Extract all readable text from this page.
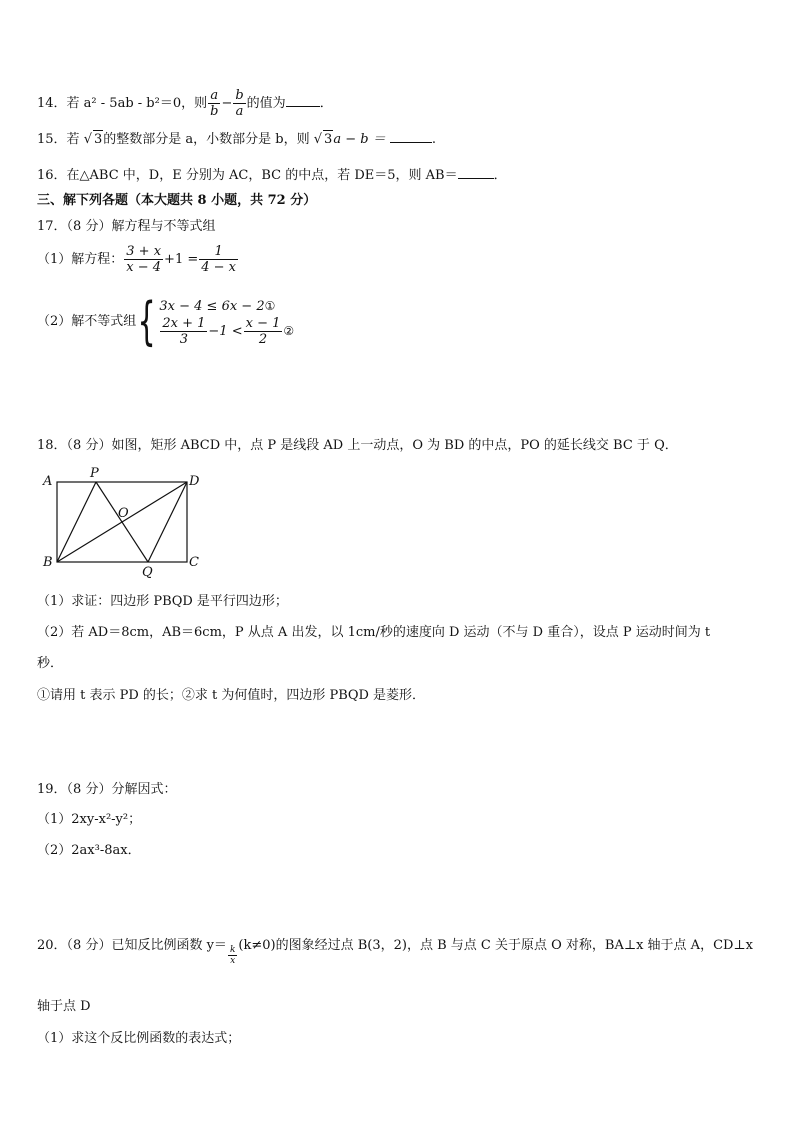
14．若 a² - 5ab - b²＝0，则 $\frac{a}{b} - \frac{b}{a}$ 的值为	．
15．若 √ 3的整数部分是 a，小数部分是 b，则 √ 3a − b ＝	.
16．在△ABC 中，D，E 分别为 AC，BC 的中点，若 DE＝5，则 AB＝	．
三、解下列各题（本大题共 8 小题，共 72 分）
17．（8 分）解方程与不等式组
（1）解方程： $\frac{3 + x}{x - 4} +1 = \frac{1}{4 - x}$
（2）解不等式组{ 3x − 4 ≤ 6x − 2①
$\frac{2x + 1}{3} -1 < \frac{x - 1}{2}$ ②
18．（8 分）如图，矩形 ABCD 中，点 P 是线段 AD 上一动点，O 为 BD 的中点，PO 的延长线交 BC 于 Q．
A
P
D
O
B
Q
C
（1）求证：四边形 PBQD 是平行四边形；
（2）若 AD＝8cm，AB＝6cm，P 从点 A 出发，以 1cm/秒的速度向 D 运动（不与 D 重合），设点 P 运动时间为 t
秒．
①请用 t 表示 PD 的长；②求 t 为何值时，四边形 PBQD 是菱形．
19．（8 分）分解因式：
（1）2xy-x²-y²；
（2）2ax³-8ax．
20．（8 分）已知反比例函数 $y= \frac{k}{x} (k\ne 0)$的图象经过点 B(3，2)，点 B 与点 C 关于原点 O 对称，BA⊥x 轴于点 A，CD⊥x
轴于点 D
（1）求这个反比例函数的表达式；
